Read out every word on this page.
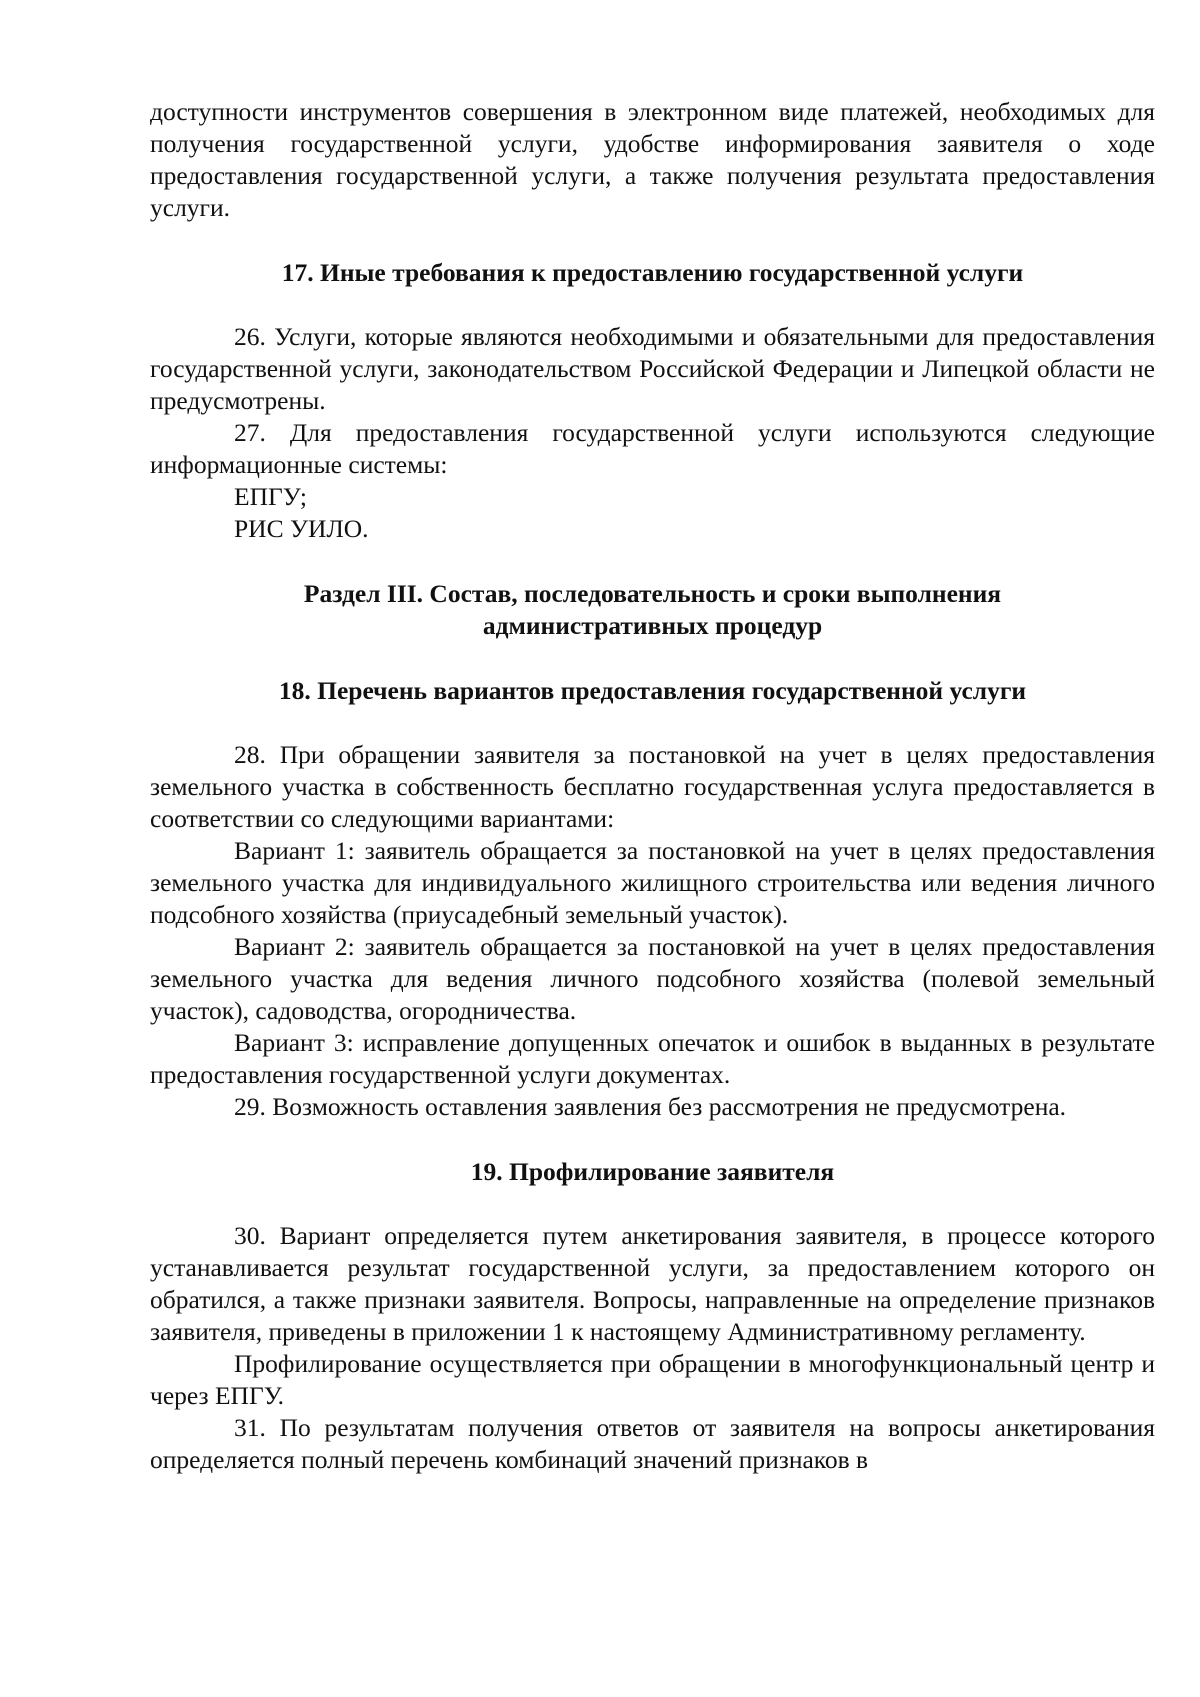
доступности инструментов совершения в электронном виде платежей, необходимых для получения государственной услуги, удобстве информирования заявителя о ходе предоставления государственной услуги, а также получения результата предоставления услуги.

17. Иные требования к предоставлению государственной услуги

26. Услуги, которые являются необходимыми и обязательными для предоставления государственной услуги, законодательством Российской Федерации и Липецкой области не предусмотрены.

27. Для предоставления государственной услуги используются следующие информационные системы:

ЕПГУ;

РИС УИЛО.

Раздел III. Состав, последовательность и сроки выполнения

административных процедур

18. Перечень вариантов предоставления государственной услуги

28. При обращении заявителя за постановкой на учет в целях предоставления земельного участка в собственность бесплатно государственная услуга предоставляется в соответствии со следующими вариантами:

Вариант 1: заявитель обращается за постановкой на учет в целях предоставления земельного участка для индивидуального жилищного строительства или ведения личного подсобного хозяйства (приусадебный земельный участок).

Вариант 2: заявитель обращается за постановкой на учет в целях предоставления земельного участка для ведения личного подсобного хозяйства (полевой земельный участок), садоводства, огородничества.

Вариант 3: исправление допущенных опечаток и ошибок в выданных в результате предоставления государственной услуги документах.

29. Возможность оставления заявления без рассмотрения не предусмотрена.

19. Профилирование заявителя

30. Вариант определяется путем анкетирования заявителя, в процессе которого устанавливается результат государственной услуги, за предоставлением которого он обратился, а также признаки заявителя. Вопросы, направленные на определение признаков заявителя, приведены в приложении 1 к настоящему Административному регламенту.

Профилирование осуществляется при обращении в многофункциональный центр и через ЕПГУ.

31. По результатам получения ответов от заявителя на вопросы анкетирования определяется полный перечень комбинаций значений признаков в
